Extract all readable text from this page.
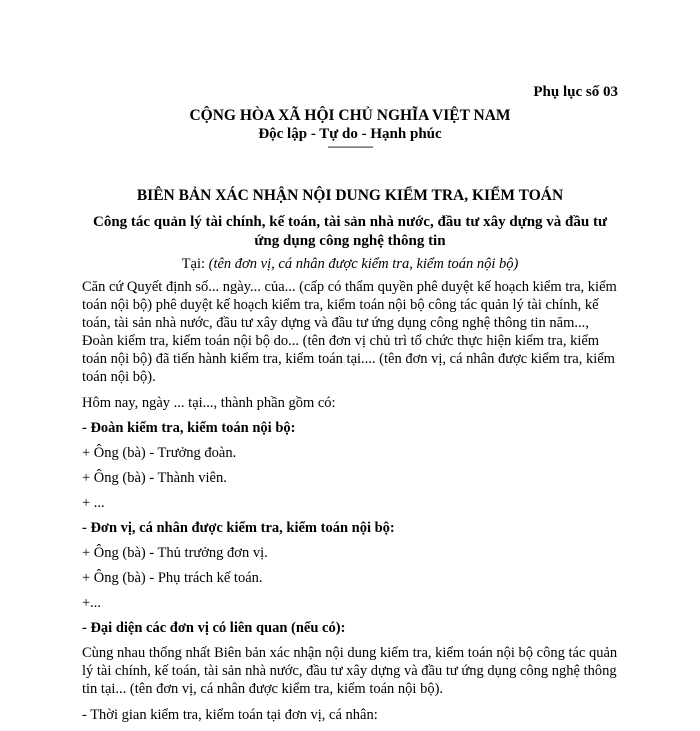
Phụ lục số 03
CỘNG HÒA XÃ HỘI CHỦ NGHĨA VIỆT NAM
Độc lập - Tự do - Hạnh phúc
---------------
BIÊN BẢN XÁC NHẬN NỘI DUNG KIỂM TRA, KIỂM TOÁN
Công tác quản lý tài chính, kế toán, tài sản nhà nước, đầu tư xây dựng và đầu tư ứng dụng công nghệ thông tin
Tại: (tên đơn vị, cá nhân được kiểm tra, kiểm toán nội bộ)

Căn cứ Quyết định số... ngày... của... (cấp có thẩm quyền phê duyệt kế hoạch kiểm tra, kiểm toán nội bộ) phê duyệt kế hoạch kiểm tra, kiểm toán nội bộ công tác quản lý tài chính, kế toán, tài sản nhà nước, đầu tư xây dựng và đầu tư ứng dụng công nghệ thông tin năm..., Đoàn kiểm tra, kiểm toán nội bộ do... (tên đơn vị chủ trì tổ chức thực hiện kiểm tra, kiểm toán nội bộ) đã tiến hành kiểm tra, kiểm toán tại.... (tên đơn vị, cá nhân được kiểm tra, kiểm toán nội bộ).

Hôm nay, ngày ... tại..., thành phần gồm có:

- Đoàn kiểm tra, kiểm toán nội bộ:

+ Ông (bà) - Trưởng đoàn.

+ Ông (bà) - Thành viên.

+ ...

- Đơn vị, cá nhân được kiểm tra, kiểm toán nội bộ:

+ Ông (bà) - Thủ trưởng đơn vị.

+ Ông (bà) - Phụ trách kế toán.

+...

- Đại diện các đơn vị có liên quan (nếu có):

Cùng nhau thống nhất Biên bản xác nhận nội dung kiểm tra, kiểm toán nội bộ công tác quản lý tài chính, kế toán, tài sản nhà nước, đầu tư xây dựng và đầu tư ứng dụng công nghệ thông tin tại... (tên đơn vị, cá nhân được kiểm tra, kiểm toán nội bộ).

- Thời gian kiểm tra, kiểm toán tại đơn vị, cá nhân:
